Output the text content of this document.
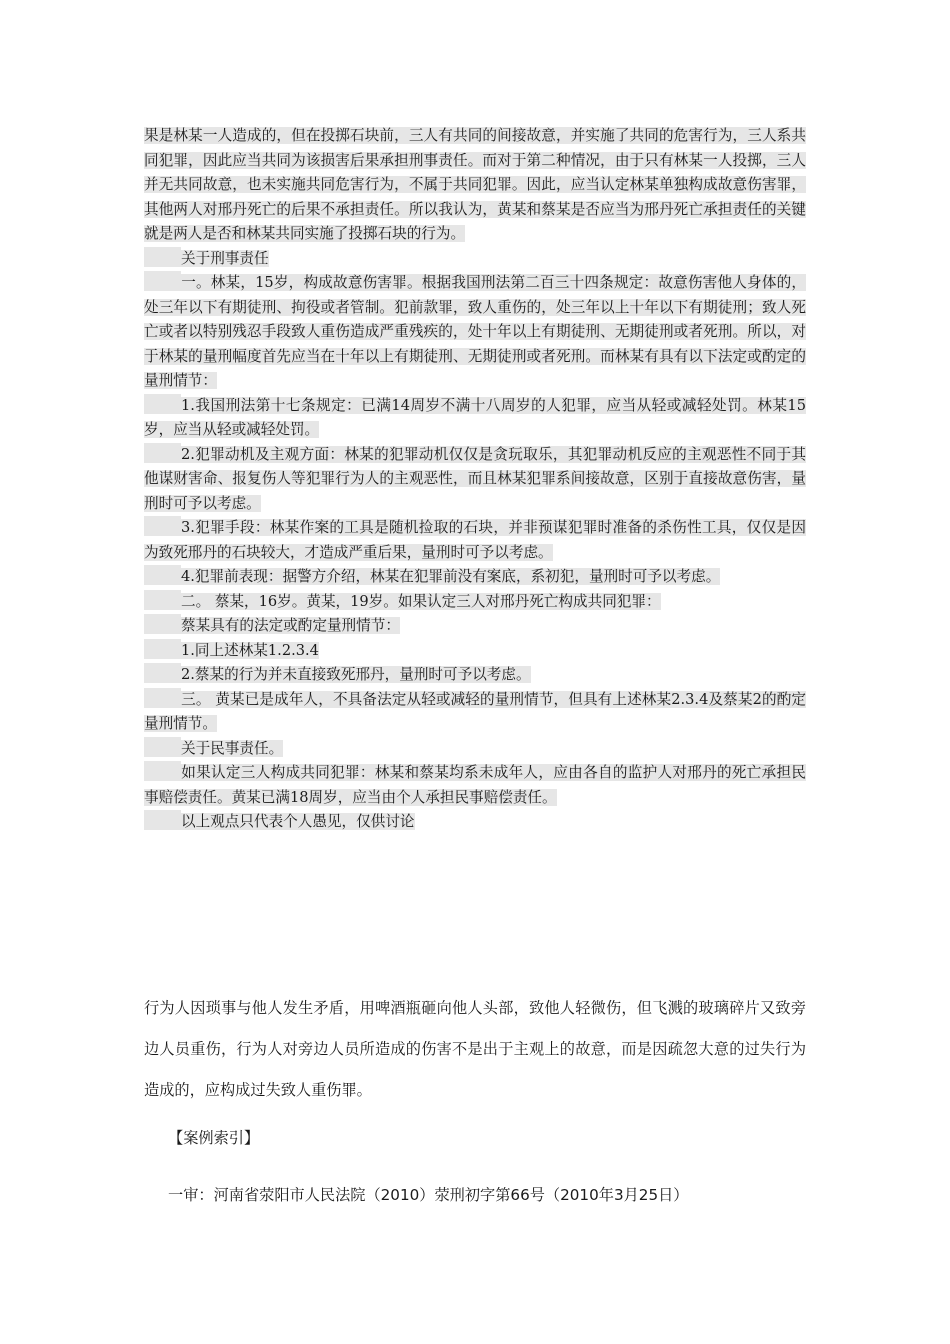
果是林某一人造成的，但在投掷石块前，三人有共同的间接故意，并实施了共同的危害行为，三人系共同犯罪，因此应当共同为该损害后果承担刑事责任。而对于第二种情况，由于只有林某一人投掷，三人并无共同故意，也未实施共同危害行为，不属于共同犯罪。因此，应当认定林某单独构成故意伤害罪，其他两人对邢丹死亡的后果不承担责任。所以我认为，黄某和蔡某是否应当为邢丹死亡承担责任的关键就是两人是否和林某共同实施了投掷石块的行为。

关于刑事责任

一。林某，15岁，构成故意伤害罪。根据我国刑法第二百三十四条规定：故意伤害他人身体的，处三年以下有期徒刑、拘役或者管制。犯前款罪，致人重伤的，处三年以上十年以下有期徒刑；致人死亡或者以特别残忍手段致人重伤造成严重残疾的，处十年以上有期徒刑、无期徒刑或者死刑。所以，对于林某的量刑幅度首先应当在十年以上有期徒刑、无期徒刑或者死刑。而林某有具有以下法定或酌定的量刑情节：

1.我国刑法第十七条规定：已满14周岁不满十八周岁的人犯罪，应当从轻或减轻处罚。林某15岁，应当从轻或减轻处罚。

2.犯罪动机及主观方面：林某的犯罪动机仅仅是贪玩取乐，其犯罪动机反应的主观恶性不同于其他谋财害命、报复伤人等犯罪行为人的主观恶性，而且林某犯罪系间接故意，区别于直接故意伤害，量刑时可予以考虑。

3.犯罪手段：林某作案的工具是随机捡取的石块，并非预谋犯罪时准备的杀伤性工具，仅仅是因为致死邢丹的石块较大，才造成严重后果，量刑时可予以考虑。

4.犯罪前表现：据警方介绍，林某在犯罪前没有案底，系初犯，量刑时可予以考虑。

二。 蔡某，16岁。黄某，19岁。如果认定三人对邢丹死亡构成共同犯罪：

蔡某具有的法定或酌定量刑情节：

1.同上述林某1.2.3.4

2.蔡某的行为并未直接致死邢丹，量刑时可予以考虑。

三。 黄某已是成年人，不具备法定从轻或减轻的量刑情节，但具有上述林某2.3.4及蔡某2的酌定量刑情节。

关于民事责任。

如果认定三人构成共同犯罪：林某和蔡某均系未成年人，应由各自的监护人对邢丹的死亡承担民事赔偿责任。黄某已满18周岁，应当由个人承担民事赔偿责任。

以上观点只代表个人愚见，仅供讨论

行为人因琐事与他人发生矛盾，用啤酒瓶砸向他人头部，致他人轻微伤，但飞溅的玻璃碎片又致旁边人员重伤，行为人对旁边人员所造成的伤害不是出于主观上的故意，而是因疏忽大意的过失行为造成的，应构成过失致人重伤罪。

【案例索引】
一审：河南省荥阳市人民法院（2010）荥刑初字第66号（2010年3月25日）
